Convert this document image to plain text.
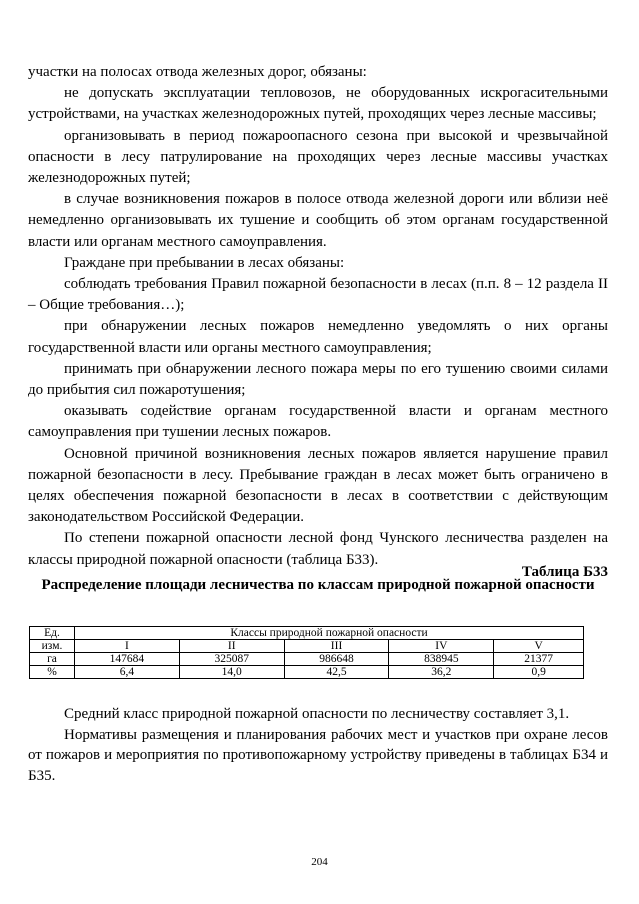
участки на полосах отвода железных дорог, обязаны:

не допускать эксплуатации тепловозов, не оборудованных искрогасительными устройствами, на участках железнодорожных путей, проходящих через лесные массивы;

организовывать в период пожароопасного сезона при высокой и чрезвычайной опасности в лесу патрулирование на проходящих через лесные массивы участках железнодорожных путей;

в случае возникновения пожаров в полосе отвода железной дороги или вблизи неё немедленно организовывать их тушение и сообщить об этом органам государственной власти или органам местного самоуправления.

Граждане при пребывании в лесах обязаны:

соблюдать требования Правил пожарной безопасности в лесах (п.п. 8 – 12 раздела II – Общие требования…);

при обнаружении лесных пожаров немедленно уведомлять о них органы государственной власти или органы местного самоуправления;

принимать при обнаружении лесного пожара меры по его тушению своими силами до прибытия сил пожаротушения;

оказывать содействие органам государственной власти и органам местного самоуправления при тушении лесных пожаров.

Основной причиной возникновения лесных пожаров является нарушение правил пожарной безопасности в лесу. Пребывание граждан в лесах может быть ограничено в целях обеспечения пожарной безопасности в лесах в соответствии с действующим законодательством Российской Федерации.

По степени пожарной опасности лесной фонд Чунского лесничества разделен на классы природной пожарной опасности (таблица Б33).

Таблица Б33
Распределение площади лесничества по классам природной пожарной опасности
Ед.	Классы природной пожарной опасности				
изм.	I	II	III	IV	V
га	147684	325087	986648	838945	21377
%	6,4	14,0	42,5	36,2	0,9

Средний класс природной пожарной опасности по лесничеству составляет 3,1.

Нормативы размещения и планирования рабочих мест и участков при охране лесов от пожаров и мероприятия по противопожарному устройству приведены в таблицах Б34 и Б35.

204
